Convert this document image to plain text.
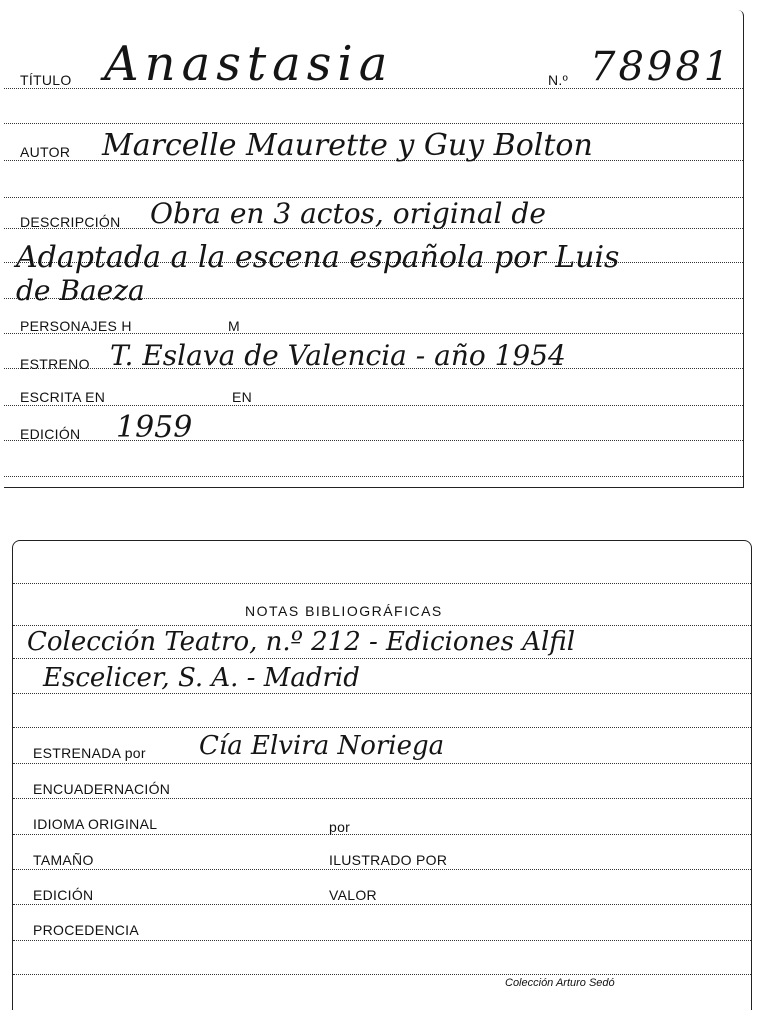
TÍTULO Anastasia	N.º 78981
AUTOR Marcelle Maurette y Guy Bolton
DESCRIPCIÓN Obra en 3 actos, original de
Adaptada a la escena española por Luis
de Baeza
PERSONAJES H	M
ESTRENO T. Eslava de Valencia - año 1954
ESCRITA EN	EN
EDICIÓN 1959
NOTAS BIBLIOGRÁFICAS
Colección Teatro, n.º 212 - Ediciones Alfil
Escelicer, S. A. - Madrid
ESTRENADA por Cía Elvira Noriega
ENCUADERNACIÓN
IDIOMA ORIGINAL	por
TAMAÑO	ILUSTRADO POR
EDICIÓN	VALOR
PROCEDENCIA
Colección Arturo Sedó
